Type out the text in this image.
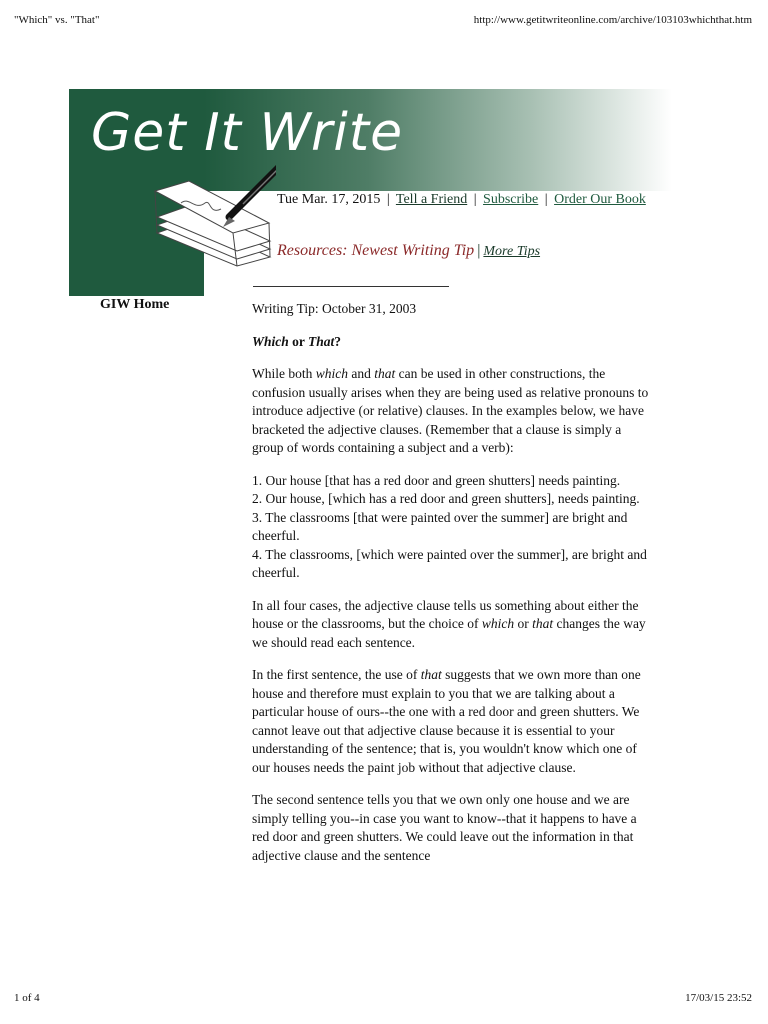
"Which" vs. "That"	http://www.getitwriteonline.com/archive/103103whichthat.htm
Get It Write
Tue Mar. 17, 2015 | Tell a Friend | Subscribe | Order Our Book
Resources: Newest Writing Tip | More Tips
GIW Home	Writing Tip: October 31, 2003
Which or That?

While both which and that can be used in other constructions, the confusion usually arises when they are being used as relative pronouns to introduce adjective (or relative) clauses. In the examples below, we have bracketed the adjective clauses. (Remember that a clause is simply a group of words containing a subject and a verb):

1. Our house [that has a red door and green shutters] needs painting.
2. Our house, [which has a red door and green shutters], needs painting.
3. The classrooms [that were painted over the summer] are bright and cheerful.
4. The classrooms, [which were painted over the summer], are bright and cheerful.

In all four cases, the adjective clause tells us something about either the house or the classrooms, but the choice of which or that changes the way we should read each sentence.

In the first sentence, the use of that suggests that we own more than one house and therefore must explain to you that we are talking about a particular house of ours--the one with a red door and green shutters. We cannot leave out that adjective clause because it is essential to your understanding of the sentence; that is, you wouldn't know which one of our houses needs the paint job without that adjective clause.

The second sentence tells you that we own only one house and we are simply telling you--in case you want to know--that it happens to have a red door and green shutters. We could leave out the information in that adjective clause and the sentence

1 of 4	17/03/15 23:52
